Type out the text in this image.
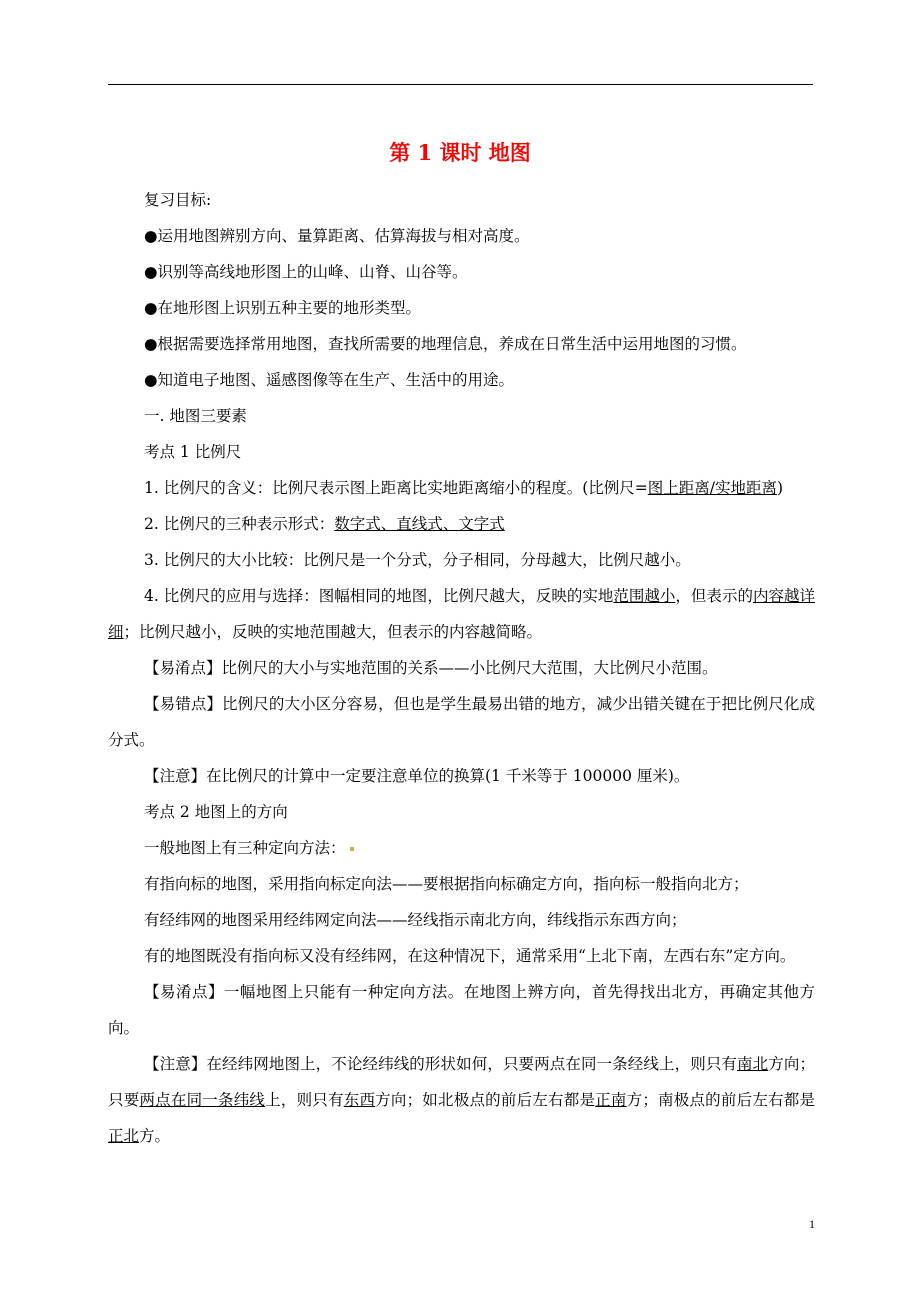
第 1 课时 地图

复习目标:

●运用地图辨别方向、量算距离、估算海拔与相对高度。

●识别等高线地形图上的山峰、山脊、山谷等。

●在地形图上识别五种主要的地形类型。

●根据需要选择常用地图，查找所需要的地理信息，养成在日常生活中运用地图的习惯。

●知道电子地图、遥感图像等在生产、生活中的用途。

一. 地图三要素

考点 1 比例尺

1. 比例尺的含义：比例尺表示图上距离比实地距离缩小的程度。(比例尺=图上距离/实地距离)

2. 比例尺的三种表示形式：数字式、直线式、文字式

3. 比例尺的大小比较：比例尺是一个分式，分子相同，分母越大，比例尺越小。

4. 比例尺的应用与选择：图幅相同的地图，比例尺越大，反映的实地范围越小，但表示的内容越详细；比例尺越小，反映的实地范围越大，但表示的内容越简略。

【易淆点】比例尺的大小与实地范围的关系——小比例尺大范围，大比例尺小范围。

【易错点】比例尺的大小区分容易，但也是学生最易出错的地方，减少出错关键在于把比例尺化成分式。

【注意】在比例尺的计算中一定要注意单位的换算(1 千米等于 100000 厘米)。

考点 2 地图上的方向

一般地图上有三种定向方法：

有指向标的地图，采用指向标定向法——要根据指向标确定方向，指向标一般指向北方；

有经纬网的地图采用经纬网定向法——经线指示南北方向，纬线指示东西方向；

有的地图既没有指向标又没有经纬网，在这种情况下，通常采用“上北下南，左西右东”定方向。

【易淆点】一幅地图上只能有一种定向方法。在地图上辨方向，首先得找出北方，再确定其他方向。

【注意】在经纬网地图上，不论经纬线的形状如何，只要两点在同一条经线上，则只有南北方向；只要两点在同一条纬线上，则只有东西方向；如北极点的前后左右都是正南方；南极点的前后左右都是正北方。

1
